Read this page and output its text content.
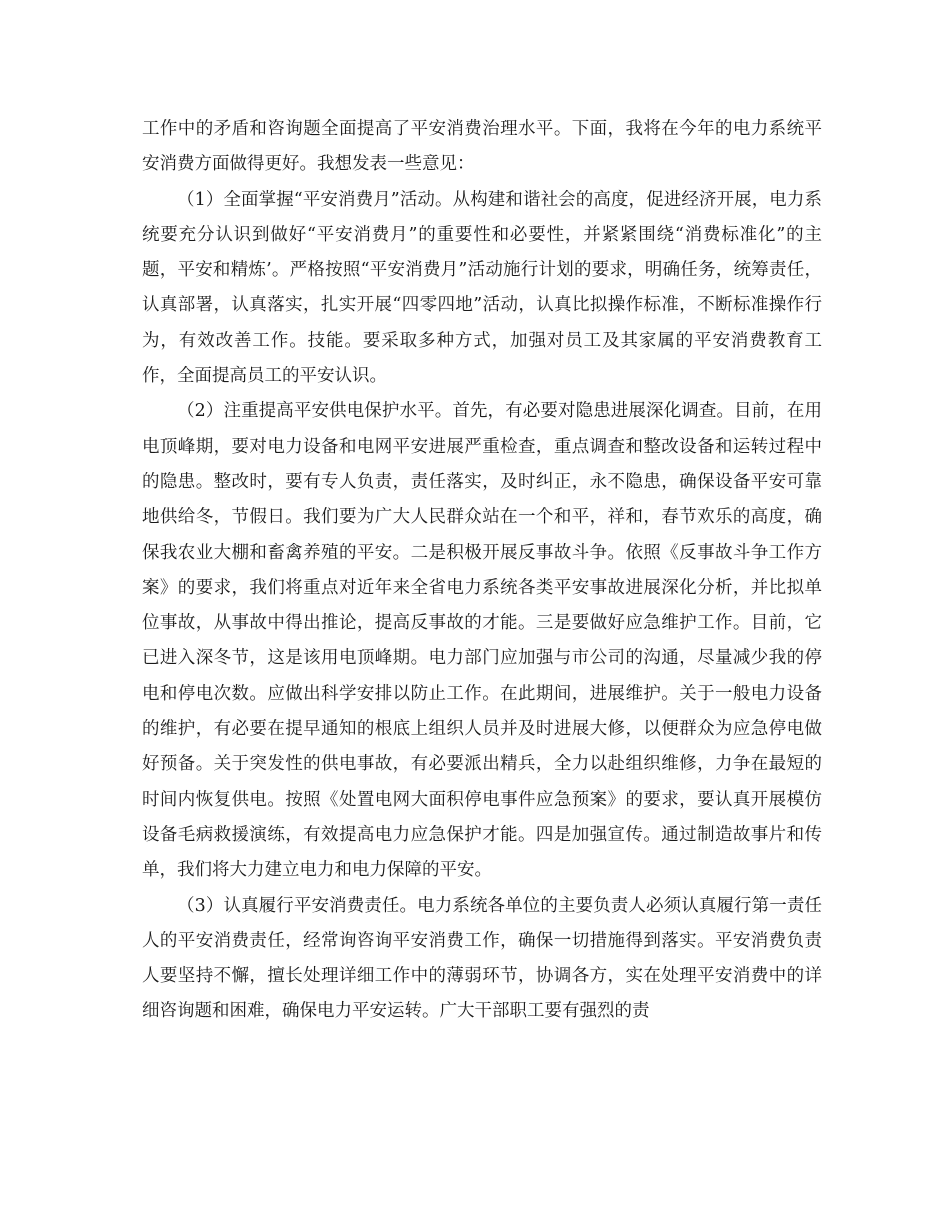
工作中的矛盾和咨询题全面提高了平安消费治理水平。下面，我将在今年的电力系统平安消费方面做得更好。我想发表一些意见：

（1）全面掌握“平安消费月”活动。从构建和谐社会的高度，促进经济开展，电力系统要充分认识到做好“平安消费月”的重要性和必要性，并紧紧围绕“消费标准化”的主题，平安和精炼’。严格按照“平安消费月”活动施行计划的要求，明确任务，统筹责任，认真部署，认真落实，扎实开展“四零四地”活动，认真比拟操作标准，不断标准操作行为，有效改善工作。技能。要采取多种方式，加强对员工及其家属的平安消费教育工作，全面提高员工的平安认识。

（2）注重提高平安供电保护水平。首先，有必要对隐患进展深化调查。目前，在用电顶峰期，要对电力设备和电网平安进展严重检查，重点调查和整改设备和运转过程中的隐患。整改时，要有专人负责，责任落实，及时纠正，永不隐患，确保设备平安可靠地供给冬，节假日。我们要为广大人民群众站在一个和平，祥和，春节欢乐的高度，确保我农业大棚和畜禽养殖的平安。二是积极开展反事故斗争。依照《反事故斗争工作方案》的要求，我们将重点对近年来全省电力系统各类平安事故进展深化分析，并比拟单位事故，从事故中得出推论，提高反事故的才能。三是要做好应急维护工作。目前，它已进入深冬节，这是该用电顶峰期。电力部门应加强与市公司的沟通，尽量减少我的停电和停电次数。应做出科学安排以防止工作。在此期间，进展维护。关于一般电力设备的维护，有必要在提早通知的根底上组织人员并及时进展大修，以便群众为应急停电做好预备。关于突发性的供电事故，有必要派出精兵，全力以赴组织维修，力争在最短的时间内恢复供电。按照《处置电网大面积停电事件应急预案》的要求，要认真开展模仿设备毛病救援演练，有效提高电力应急保护才能。四是加强宣传。通过制造故事片和传单，我们将大力建立电力和电力保障的平安。

（3）认真履行平安消费责任。电力系统各单位的主要负责人必须认真履行第一责任人的平安消费责任，经常询咨询平安消费工作，确保一切措施得到落实。平安消费负责人要坚持不懈，擅长处理详细工作中的薄弱环节，协调各方，实在处理平安消费中的详细咨询题和困难，确保电力平安运转。广大干部职工要有强烈的责
